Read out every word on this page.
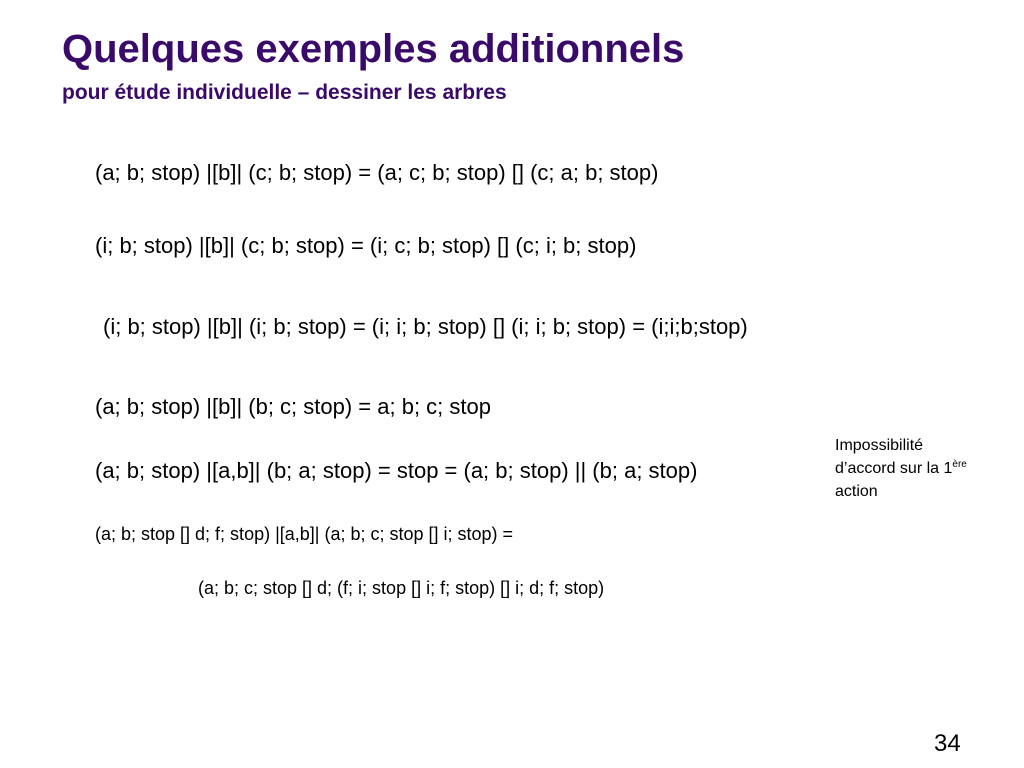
Quelques exemples additionnels
pour étude individuelle – dessiner les arbres

(a; b; stop) |[b]| (c; b; stop) = (a; c; b; stop) [] (c; a; b; stop)

(i; b; stop) |[b]| (c; b; stop) = (i; c; b; stop) [] (c; i; b; stop)

(i; b; stop) |[b]| (i; b; stop) = (i; i; b; stop) [] (i; i; b; stop) = (i;i;b;stop)

(a; b; stop) |[b]| (b; c; stop) = a; b; c; stop

(a; b; stop) |[a,b]| (b; a; stop) = stop = (a; b; stop) || (b; a; stop)

(a; b; stop [] d; f; stop) |[a,b]| (a; b; c; stop [] i; stop) =

(a; b; c; stop [] d; (f; i; stop [] i; f; stop) [] i; d; f; stop)

Impossibilité
d’accord sur la 1ère
action
34
